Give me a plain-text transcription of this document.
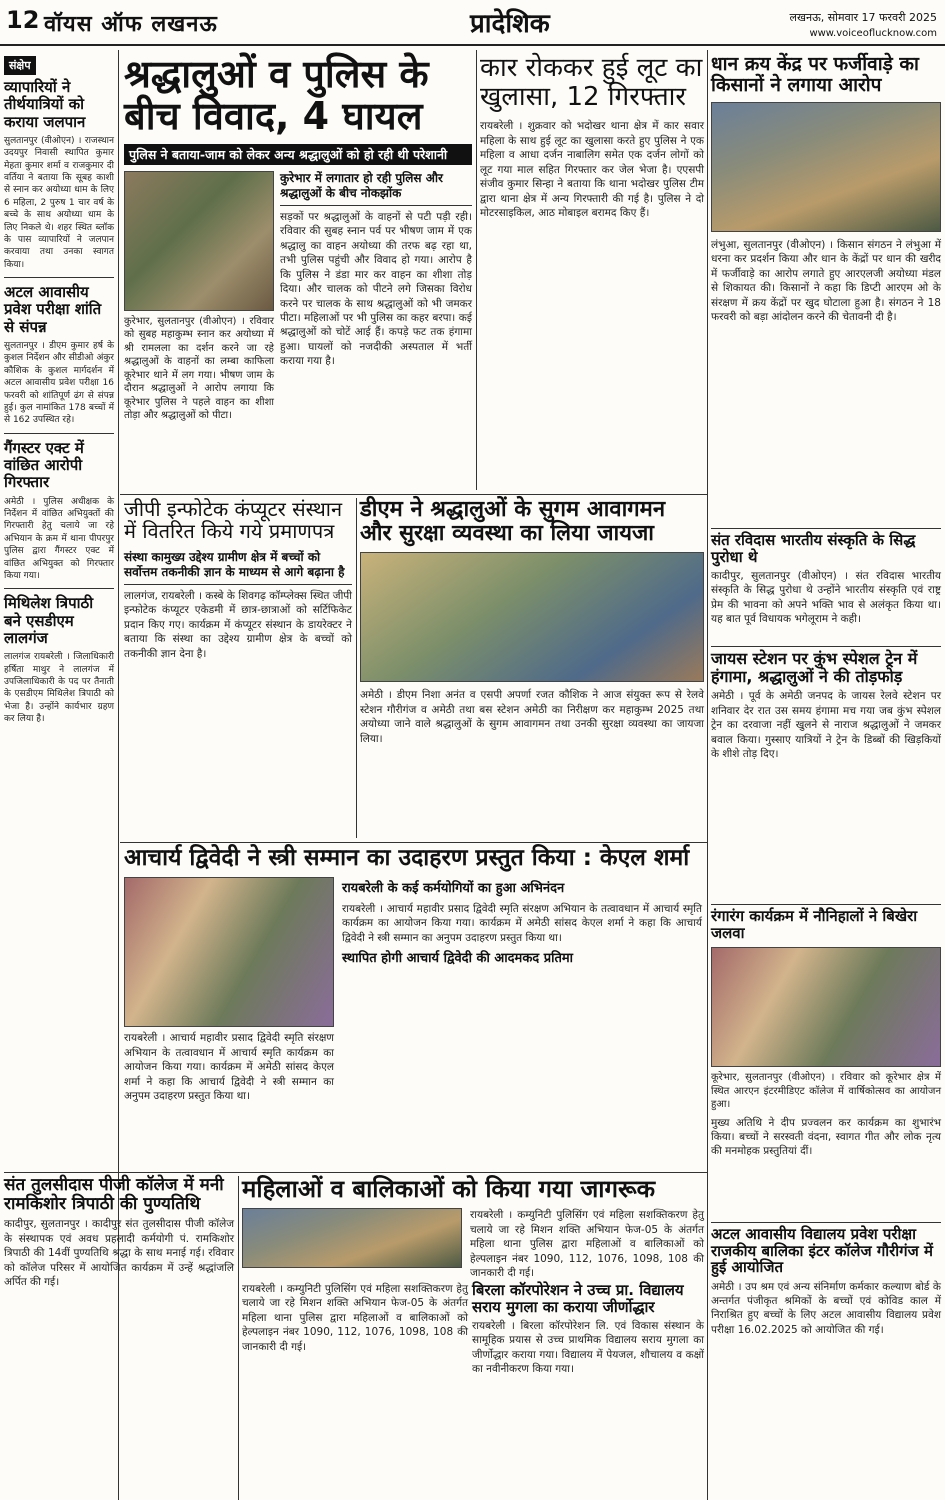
12 वॉयस ऑफ लखनऊ	प्रादेशिक	लखनऊ, सोमवार 17 फरवरी 2025
www.voiceoflucknow.com
संक्षेप
व्यापारियों ने तीर्थयात्रियों को कराया जलपान
सुलतानपुर (वीओएन) । राजस्थान उदयपुर निवासी स्थापित कुमार मेहता कुमार शर्मा व राजकुमार दी वर्तिया ने बताया कि सूबह काशी से स्नान कर अयोध्या धाम के लिए 6 महिला, 2 पुरुष 1 चार वर्ष के बच्चे के साथ अयोध्या धाम के लिए निकले थे। शहर स्थित ब्लॉक के पास व्यापारियों ने जलपान करवाया तथा उनका स्वागत किया।
अटल आवासीय प्रवेश परीक्षा शांति से संपन्न
सुलतानपुर । डीएम कुमार हर्ष के कुशल निर्देशन और सीडीओ अंकुर कौशिक के कुशल मार्गदर्शन में अटल आवासीय प्रवेश परीक्षा 16 फरवरी को शांतिपूर्ण ढंग से संपन्न हुई। कुल नामांकित 178 बच्चों में से 162 उपस्थित रहे।
गैंगस्टर एक्ट में वांछित आरोपी गिरफ्तार
अमेठी । पुलिस अधीक्षक के निर्देशन में वांछित अभियुक्तों की गिरफ्तारी हेतु चलाये जा रहे अभियान के क्रम में थाना पीपरपुर पुलिस द्वारा गैंगस्टर एक्ट में वांछित अभियुक्त को गिरफ्तार किया गया।
मिथिलेश त्रिपाठी बने एसडीएम लालगंज
लालगंज रायबरेली । जिलाधिकारी हर्षिता माथुर ने लालगंज में उपजिलाधिकारी के पद पर तैनाती के एसडीएम मिथिलेश त्रिपाठी को भेजा है। उन्होंने कार्यभार ग्रहण कर लिया है।
श्रद्धालुओं व पुलिस के बीच विवाद, 4 घायल
पुलिस ने बताया-जाम को लेकर अन्य श्रद्धालुओं को हो रही थी परेशानी
कुरेभार, सुलतानपुर (वीओएन) । रविवार को सुबह महाकुम्भ स्नान कर अयोध्या में श्री रामलला का दर्शन करने जा रहे श्रद्धालुओं के वाहनों का लम्बा काफिला कूरेभार थाने में लग गया। भीषण जाम के दौरान श्रद्धालुओं ने आरोप लगाया कि कूरेभार पुलिस ने पहले वाहन का शीशा तोड़ा और श्रद्धालुओं को पीटा।
कुरेभार में लगातार हो रही पुलिस और श्रद्धालुओं के बीच नोकझोंक
सड़कों पर श्रद्धालुओं के वाहनों से पटी पड़ी रही। रविवार की सुबह स्नान पर्व पर भीषण जाम में एक श्रद्धालु का वाहन अयोध्या की तरफ बढ़ रहा था, तभी पुलिस पहुंची और विवाद हो गया। आरोप है कि पुलिस ने डंडा मार कर वाहन का शीशा तोड़ दिया। और चालक को पीटने लगे जिसका विरोध करने पर चालक के साथ श्रद्धालुओं को भी जमकर पीटा। महिलाओं पर भी पुलिस का कहर बरपा। कई श्रद्धालुओं को चोटें आई हैं। कपड़े फट तक हंगामा हुआ। घायलों को नजदीकी अस्पताल में भर्ती कराया गया है।
कार रोककर हुई लूट का खुलासा, 12 गिरफ्तार
रायबरेली । शुक्रवार को भदोखर थाना क्षेत्र में कार सवार महिला के साथ हुई लूट का खुलासा करते हुए पुलिस ने एक महिला व आधा दर्जन नाबालिग समेत एक दर्जन लोगों को लूट गया माल सहित गिरफ्तार कर जेल भेजा है। एएसपी संजीव कुमार सिन्हा ने बताया कि थाना भदोखर पुलिस टीम द्वारा थाना क्षेत्र में अन्य गिरफ्तारी की गई है। पुलिस ने दो मोटरसाइकिल, आठ मोबाइल बरामद किए हैं।
धान क्रय केंद्र पर फर्जीवाड़े का किसानों ने लगाया आरोप
लंभुआ, सुलतानपुर (वीओएन) । किसान संगठन ने लंभुआ में धरना कर प्रदर्शन किया और धान के केंद्रों पर धान की खरीद में फर्जीवाड़े का आरोप लगाते हुए आरएलजी अयोध्या मंडल से शिकायत की। किसानों ने कहा कि डिप्टी आरएम ओ के संरक्षण में क्रय केंद्रों पर खुद घोटाला हुआ है। संगठन ने 18 फरवरी को बड़ा आंदोलन करने की चेतावनी दी है।
संत रविदास भारतीय संस्कृति के सिद्ध पुरोधा थे
कादीपुर, सुलतानपुर (वीओएन) । संत रविदास भारतीय संस्कृति के सिद्ध पुरोधा थे उन्होंने भारतीय संस्कृति एवं राष्ट्र प्रेम की भावना को अपने भक्ति भाव से अलंकृत किया था। यह बात पूर्व विधायक भगेलूराम ने कही।
जायस स्टेशन पर कुंभ स्पेशल ट्रेन में हंगामा, श्रद्धालुओं ने की तोड़फोड़
अमेठी । पूर्व के अमेठी जनपद के जायस रेलवे स्टेशन पर शनिवार देर रात उस समय हंगामा मच गया जब कुंभ स्पेशल ट्रेन का दरवाजा नहीं खुलने से नाराज श्रद्धालुओं ने जमकर बवाल किया। गुस्साए यात्रियों ने ट्रेन के डिब्बों की खिड़कियों के शीशे तोड़ दिए।
रंगारंग कार्यक्रम में नौनिहालों ने बिखेरा जलवा
कूरेभार, सुलतानपुर (वीओएन) । रविवार को कूरेभार क्षेत्र में स्थित आरएन इंटरमीडिएट कॉलेज में वार्षिकोत्सव का आयोजन हुआ।
मुख्य अतिथि ने दीप प्रज्वलन कर कार्यक्रम का शुभारंभ किया। बच्चों ने सरस्वती वंदना, स्वागत गीत और लोक नृत्य की मनमोहक प्रस्तुतियां दीं।
अटल आवासीय विद्यालय प्रवेश परीक्षा राजकीय बालिका इंटर कॉलेज गौरीगंज में हुई आयोजित
अमेठी । उप श्रम एवं अन्य संनिर्माण कर्मकार कल्याण बोर्ड के अन्तर्गत पंजीकृत श्रमिकों के बच्चों एवं कोविड काल में निराश्रित हुए बच्चों के लिए अटल आवासीय विद्यालय प्रवेश परीक्षा 16.02.2025 को आयोजित की गई।
जीपी इन्फोटेक कंप्यूटर संस्थान में वितरित किये गये प्रमाणपत्र
संस्था कामुख्य उद्देश्य ग्रामीण क्षेत्र में बच्चों को सर्वोत्तम तकनीकी ज्ञान के माध्यम से आगे बढ़ाना है
लालगंज, रायबरेली । कस्बे के शिवगढ़ कॉम्प्लेक्स स्थित जीपी इन्फोटेक कंप्यूटर एकेडमी में छात्र-छात्राओं को सर्टिफिकेट प्रदान किए गए। कार्यक्रम में कंप्यूटर संस्थान के डायरेक्टर ने बताया कि संस्था का उद्देश्य ग्रामीण क्षेत्र के बच्चों को तकनीकी ज्ञान देना है।
डीएम ने श्रद्धालुओं के सुगम आवागमन और सुरक्षा व्यवस्था का लिया जायजा
अमेठी । डीएम निशा अनंत व एसपी अपर्णा रजत कौशिक ने आज संयुक्त रूप से रेलवे स्टेशन गौरीगंज व अमेठी तथा बस स्टेशन अमेठी का निरीक्षण कर महाकुम्भ 2025 तथा अयोध्या जाने वाले श्रद्धालुओं के सुगम आवागमन तथा उनकी सुरक्षा व्यवस्था का जायजा लिया।
आचार्य द्विवेदी ने स्त्री सम्मान का उदाहरण प्रस्तुत किया : केएल शर्मा
रायबरेली । आचार्य महावीर प्रसाद द्विवेदी स्मृति संरक्षण अभियान के तत्वावधान में आचार्य स्मृति कार्यक्रम का आयोजन किया गया। कार्यक्रम में अमेठी सांसद केएल शर्मा ने कहा कि आचार्य द्विवेदी ने स्त्री सम्मान का अनुपम उदाहरण प्रस्तुत किया था।
रायबरेली के कई कर्मयोगियों का हुआ अभिनंदन
रायबरेली । आचार्य महावीर प्रसाद द्विवेदी स्मृति संरक्षण अभियान के तत्वावधान में आचार्य स्मृति कार्यक्रम का आयोजन किया गया। कार्यक्रम में अमेठी सांसद केएल शर्मा ने कहा कि आचार्य द्विवेदी ने स्त्री सम्मान का अनुपम उदाहरण प्रस्तुत किया था।
स्थापित होगी आचार्य द्विवेदी की आदमकद प्रतिमा
संत तुलसीदास पीजी कॉलेज में मनी रामकिशोर त्रिपाठी की पुण्यतिथि
कादीपुर, सुलतानपुर । कादीपुर संत तुलसीदास पीजी कॉलेज के संस्थापक एवं अवध प्रहलादी कर्मयोगी पं. रामकिशोर त्रिपाठी की 14वीं पुण्यतिथि श्रद्धा के साथ मनाई गई। रविवार को कॉलेज परिसर में आयोजित कार्यक्रम में उन्हें श्रद्धांजलि अर्पित की गई।
महिलाओं व बालिकाओं को किया गया जागरूक
रायबरेली । कम्युनिटी पुलिसिंग एवं महिला सशक्तिकरण हेतु चलाये जा रहे मिशन शक्ति अभियान फेज-05 के अंतर्गत महिला थाना पुलिस द्वारा महिलाओं व बालिकाओं को हेल्पलाइन नंबर 1090, 112, 1076, 1098, 108 की जानकारी दी गई।
बिरला कॉरपोरेशन ने उच्च प्रा. विद्यालय सराय मुगला का कराया जीर्णोद्धार
रायबरेली । बिरला कॉरपोरेशन लि. एवं विकास संस्थान के सामूहिक प्रयास से उच्च प्राथमिक विद्यालय सराय मुगला का जीर्णोद्धार कराया गया। विद्यालय में पेयजल, शौचालय व कक्षों का नवीनीकरण किया गया।
रायबरेली । कम्युनिटी पुलिसिंग एवं महिला सशक्तिकरण हेतु चलाये जा रहे मिशन शक्ति अभियान फेज-05 के अंतर्गत महिला थाना पुलिस द्वारा महिलाओं व बालिकाओं को हेल्पलाइन नंबर 1090, 112, 1076, 1098, 108 की जानकारी दी गई।
